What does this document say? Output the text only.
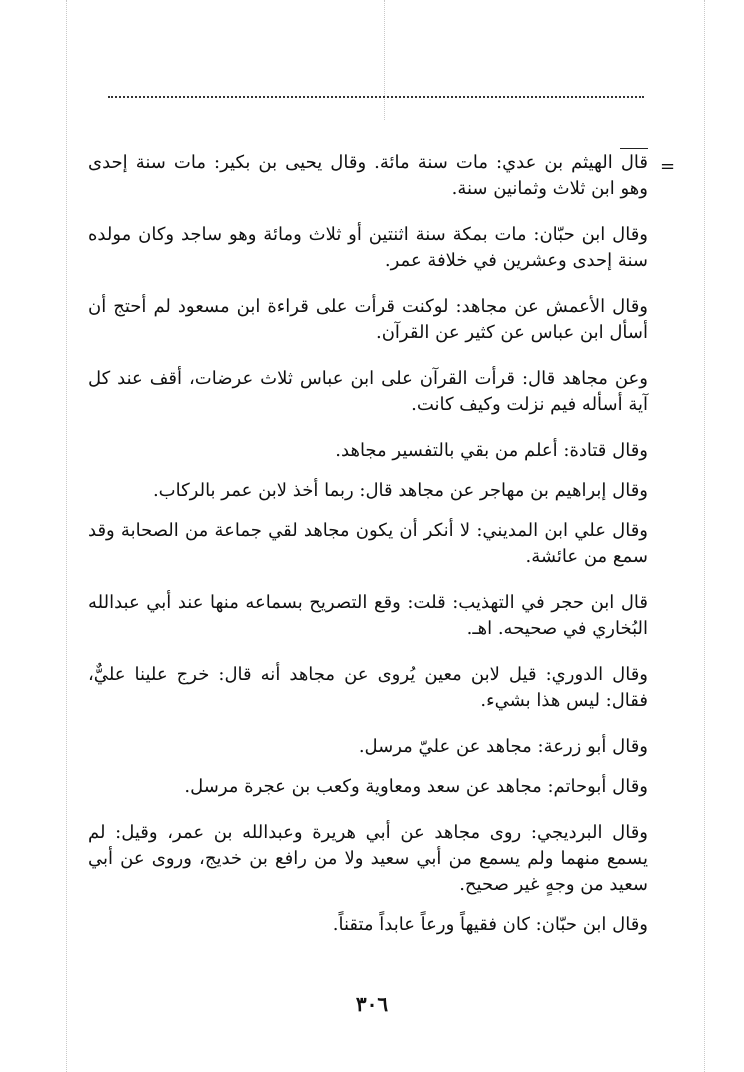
=

قال الهيثم بن عدي: مات سنة مائة. وقال يحيى بن بكير: مات سنة إحدى وهو ابن ثلاث وثمانين سنة.

وقال ابن حبّان: مات بمكة سنة اثنتين أو ثلاث ومائة وهو ساجد وكان مولده سنة إحدى وعشرين في خلافة عمر.

وقال الأعمش عن مجاهد: لوكنت قرأت على قراءة ابن مسعود لم أحتج أن أسأل ابن عباس عن كثير عن القرآن.

وعن مجاهد قال: قرأت القرآن على ابن عباس ثلاث عرضات، أقف عند كل آية أسأله فيم نزلت وكيف كانت.

وقال قتادة: أعلم من بقي بالتفسير مجاهد.

وقال إبراهيم بن مهاجر عن مجاهد قال: ربما أخذ لابن عمر بالركاب.

وقال علي ابن المديني: لا أنكر أن يكون مجاهد لقي جماعة من الصحابة وقد سمع من عائشة.

قال ابن حجر في التهذيب: قلت: وقع التصريح بسماعه منها عند أبي عبدالله البُخاري في صحيحه. اهـ.

وقال الدوري: قيل لابن معين يُروى عن مجاهد أنه قال: خرج علينا عليٌّ، فقال: ليس هذا بشيء.

وقال أبو زرعة: مجاهد عن عليّ مرسل.

وقال أبوحاتم: مجاهد عن سعد ومعاوية وكعب بن عجرة مرسل.

وقال البرديجي: روى مجاهد عن أبي هريرة وعبدالله بن عمر، وقيل: لم يسمع منهما ولم يسمع من أبي سعيد ولا من رافع بن خديج، وروى عن أبي سعيد من وجهٍ غير صحيح.

وقال ابن حبّان: كان فقيهاً ورعاً عابداً متقناً.

٣٠٦
